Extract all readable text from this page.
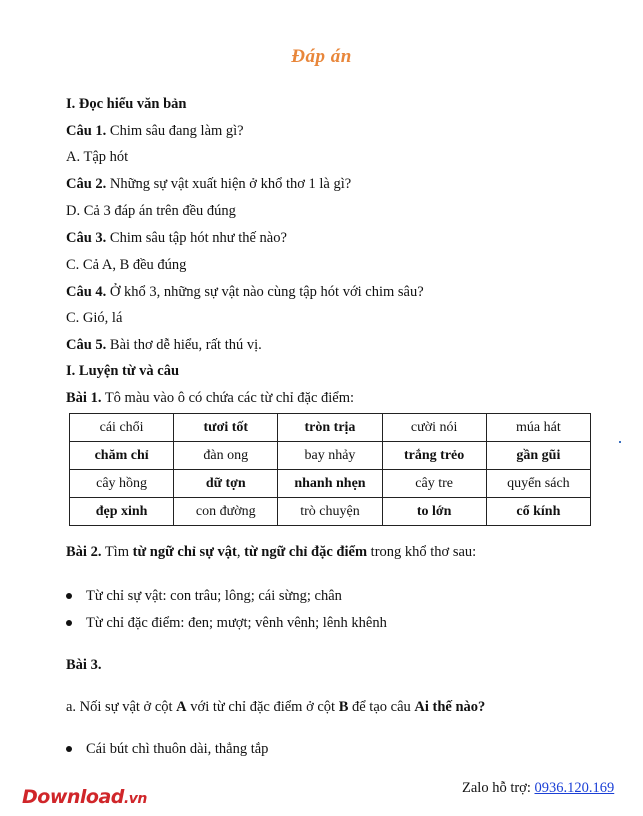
Đáp án
I. Đọc hiểu văn bản
Câu 1. Chim sâu đang làm gì?
A. Tập hót
Câu 2. Những sự vật xuất hiện ở khổ thơ 1 là gì?
D. Cả 3 đáp án trên đều đúng
Câu 3. Chim sâu tập hót như thế nào?
C. Cả A, B đều đúng
Câu 4. Ở khổ 3, những sự vật nào cùng tập hót với chim sâu?
C. Gió, lá
Câu 5. Bài thơ dễ hiểu, rất thú vị.
I. Luyện từ và câu
Bài 1. Tô màu vào ô có chứa các từ chỉ đặc điểm:
cái chổi	tươi tốt	tròn trịa	cười nói	múa hát
chăm chỉ	đàn ong	bay nhảy	trắng trẻo	gần gũi
cây hồng	dữ tợn	nhanh nhẹn	cây tre	quyển sách
đẹp xinh	con đường	trò chuyện	to lớn	cổ kính
Bài 2. Tìm từ ngữ chỉ sự vật, từ ngữ chỉ đặc điểm trong khổ thơ sau:
Từ chỉ sự vật: con trâu; lông; cái sừng; chân
Từ chỉ đặc điểm: đen; mượt; vênh vênh; lênh khênh
Bài 3.
a. Nối sự vật ở cột A với từ chỉ đặc điểm ở cột B để tạo câu Ai thế nào?
Cái bút chì thuôn dài, thẳng tắp
Download.vn
Zalo hỗ trợ: 0936.120.169
